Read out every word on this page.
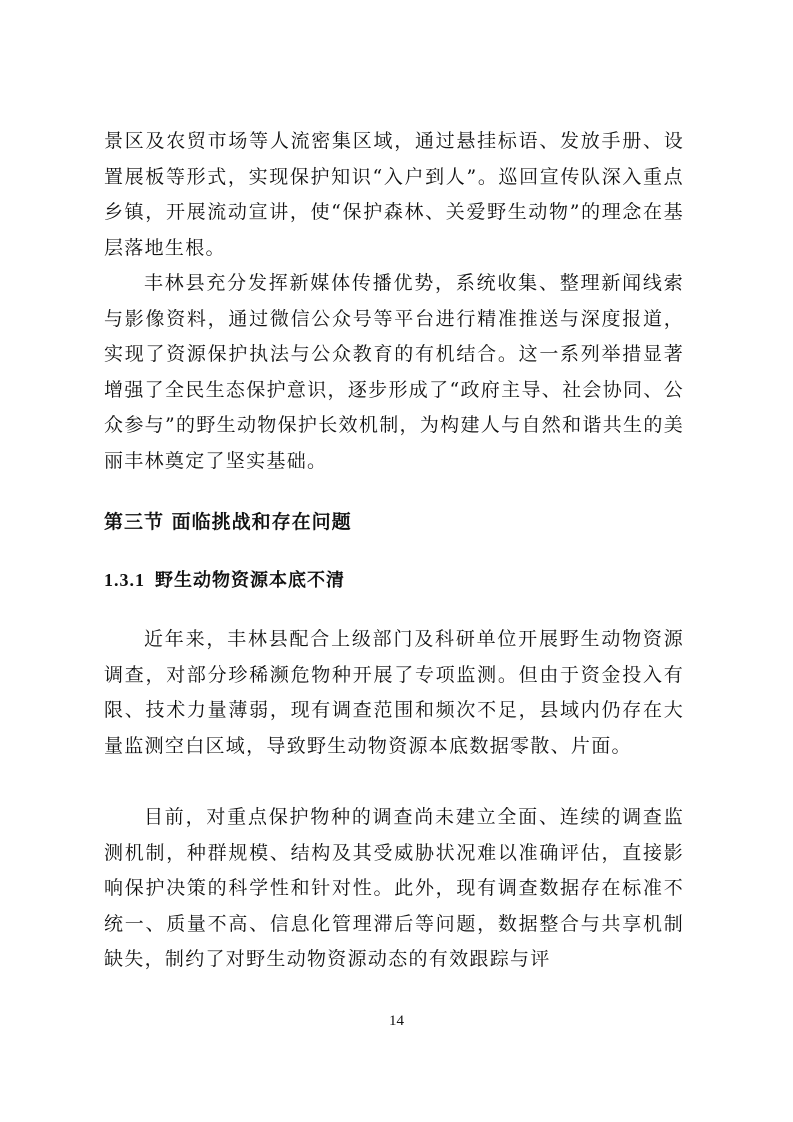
景区及农贸市场等人流密集区域，通过悬挂标语、发放手册、设置展板等形式，实现保护知识“入户到人”。巡回宣传队深入重点乡镇，开展流动宣讲，使“保护森林、关爱野生动物”的理念在基层落地生根。

丰林县充分发挥新媒体传播优势，系统收集、整理新闻线索与影像资料，通过微信公众号等平台进行精准推送与深度报道，实现了资源保护执法与公众教育的有机结合。这一系列举措显著增强了全民生态保护意识，逐步形成了“政府主导、社会协同、公众参与”的野生动物保护长效机制，为构建人与自然和谐共生的美丽丰林奠定了坚实基础。

第三节 面临挑战和存在问题
1.3.1 野生动物资源本底不清

近年来，丰林县配合上级部门及科研单位开展野生动物资源调查，对部分珍稀濒危物种开展了专项监测。但由于资金投入有限、技术力量薄弱，现有调查范围和频次不足，县域内仍存在大量监测空白区域，导致野生动物资源本底数据零散、片面。

目前，对重点保护物种的调查尚未建立全面、连续的调查监测机制，种群规模、结构及其受威胁状况难以准确评估，直接影响保护决策的科学性和针对性。此外，现有调查数据存在标准不统一、质量不高、信息化管理滞后等问题，数据整合与共享机制缺失，制约了对野生动物资源动态的有效跟踪与评

14
